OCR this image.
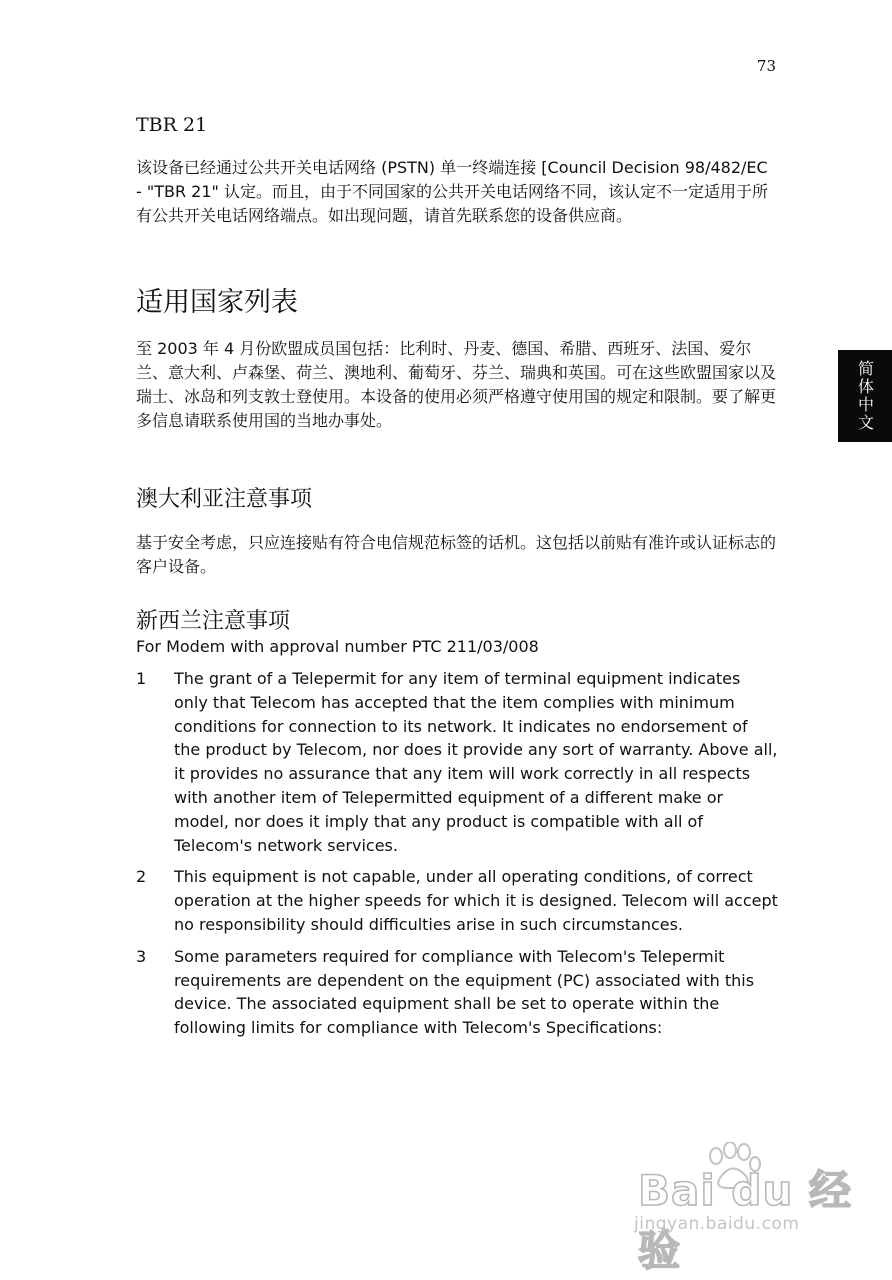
73
简体中文
TBR 21

该设备已经通过公共开关电话网络 (PSTN) 单一终端连接 [Council Decision 98/482/EC - "TBR 21" 认定。而且，由于不同国家的公共开关电话网络不同，该认定不一定适用于所有公共开关电话网络端点。如出现问题，请首先联系您的设备供应商。

适用国家列表

至 2003 年 4 月份欧盟成员国包括：比利时、丹麦、德国、希腊、西班牙、法国、爱尔兰、意大利、卢森堡、荷兰、澳地利、葡萄牙、芬兰、瑞典和英国。可在这些欧盟国家以及瑞士、冰岛和列支敦士登使用。本设备的使用必须严格遵守使用国的规定和限制。要了解更多信息请联系使用国的当地办事处。

澳大利亚注意事项

基于安全考虑，只应连接贴有符合电信规范标签的话机。这包括以前贴有准许或认证标志的客户设备。

新西兰注意事项

For Modem with approval number PTC 211/03/008

1 The grant of a Telepermit for any item of terminal equipment indicates only that Telecom has accepted that the item complies with minimum conditions for connection to its network. It indicates no endorsement of the product by Telecom, nor does it provide any sort of warranty. Above all, it provides no assurance that any item will work correctly in all respects with another item of Telepermitted equipment of a different make or model, nor does it imply that any product is compatible with all of Telecom's network services.
2 This equipment is not capable, under all operating conditions, of correct operation at the higher speeds for which it is designed. Telecom will accept no responsibility should difficulties arise in such circumstances.
3 Some parameters required for compliance with Telecom's Telepermit requirements are dependent on the equipment (PC) associated with this device. The associated equipment shall be set to operate within the following limits for compliance with Telecom's Specifications:
Bai du 经验
jingyan.baidu.com
